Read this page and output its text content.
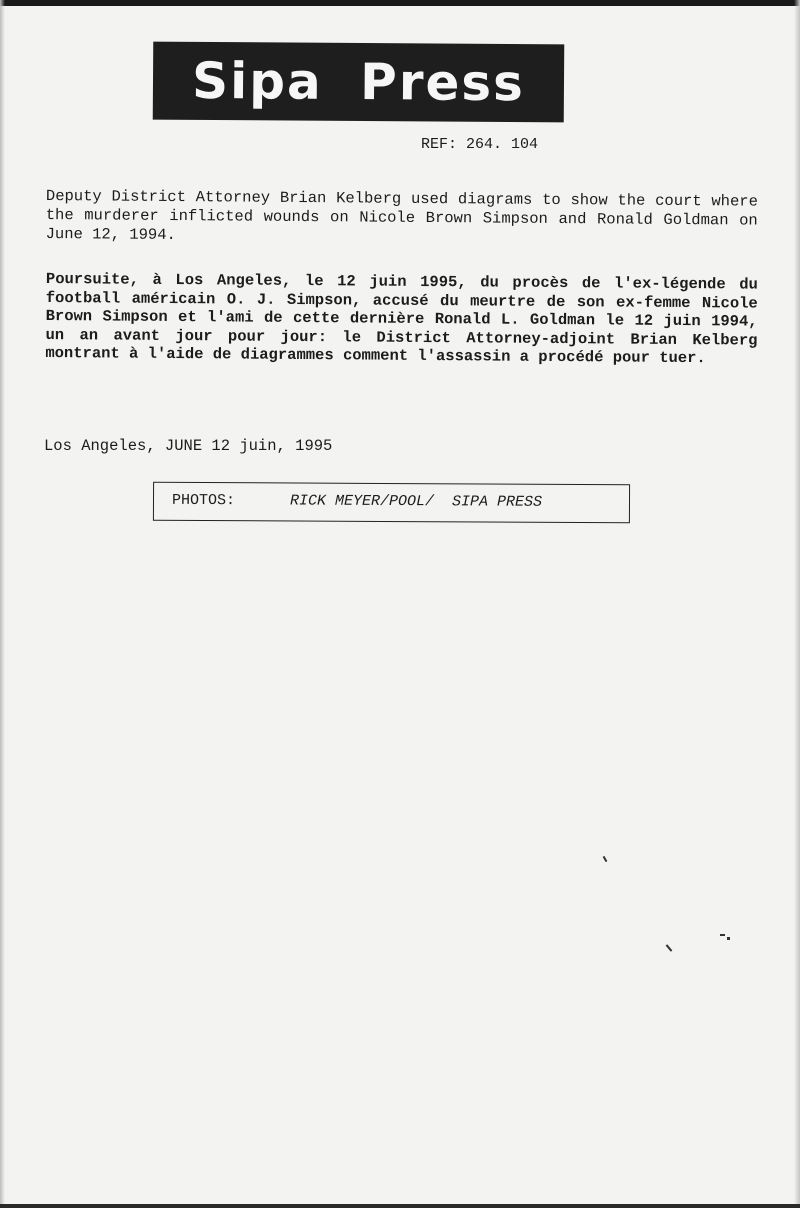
Sipa Press
REF: 264. 104

Deputy District Attorney Brian Kelberg used diagrams to show the court where the murderer inflicted wounds on Nicole Brown Simpson and Ronald Goldman on June 12, 1994.

Poursuite, à Los Angeles, le 12 juin 1995, du procès de l'ex-légende du football américain O. J. Simpson, accusé du meurtre de son ex-femme Nicole Brown Simpson et l'ami de cette dernière Ronald L. Goldman le 12 juin 1994, un an avant jour pour jour: le District Attorney-adjoint Brian Kelberg montrant à l'aide de diagrammes comment l'assassin a procédé pour tuer.

Los Angeles, JUNE 12 juin, 1995
PHOTOS:	RICK MEYER/POOL/  SIPA PRESS
